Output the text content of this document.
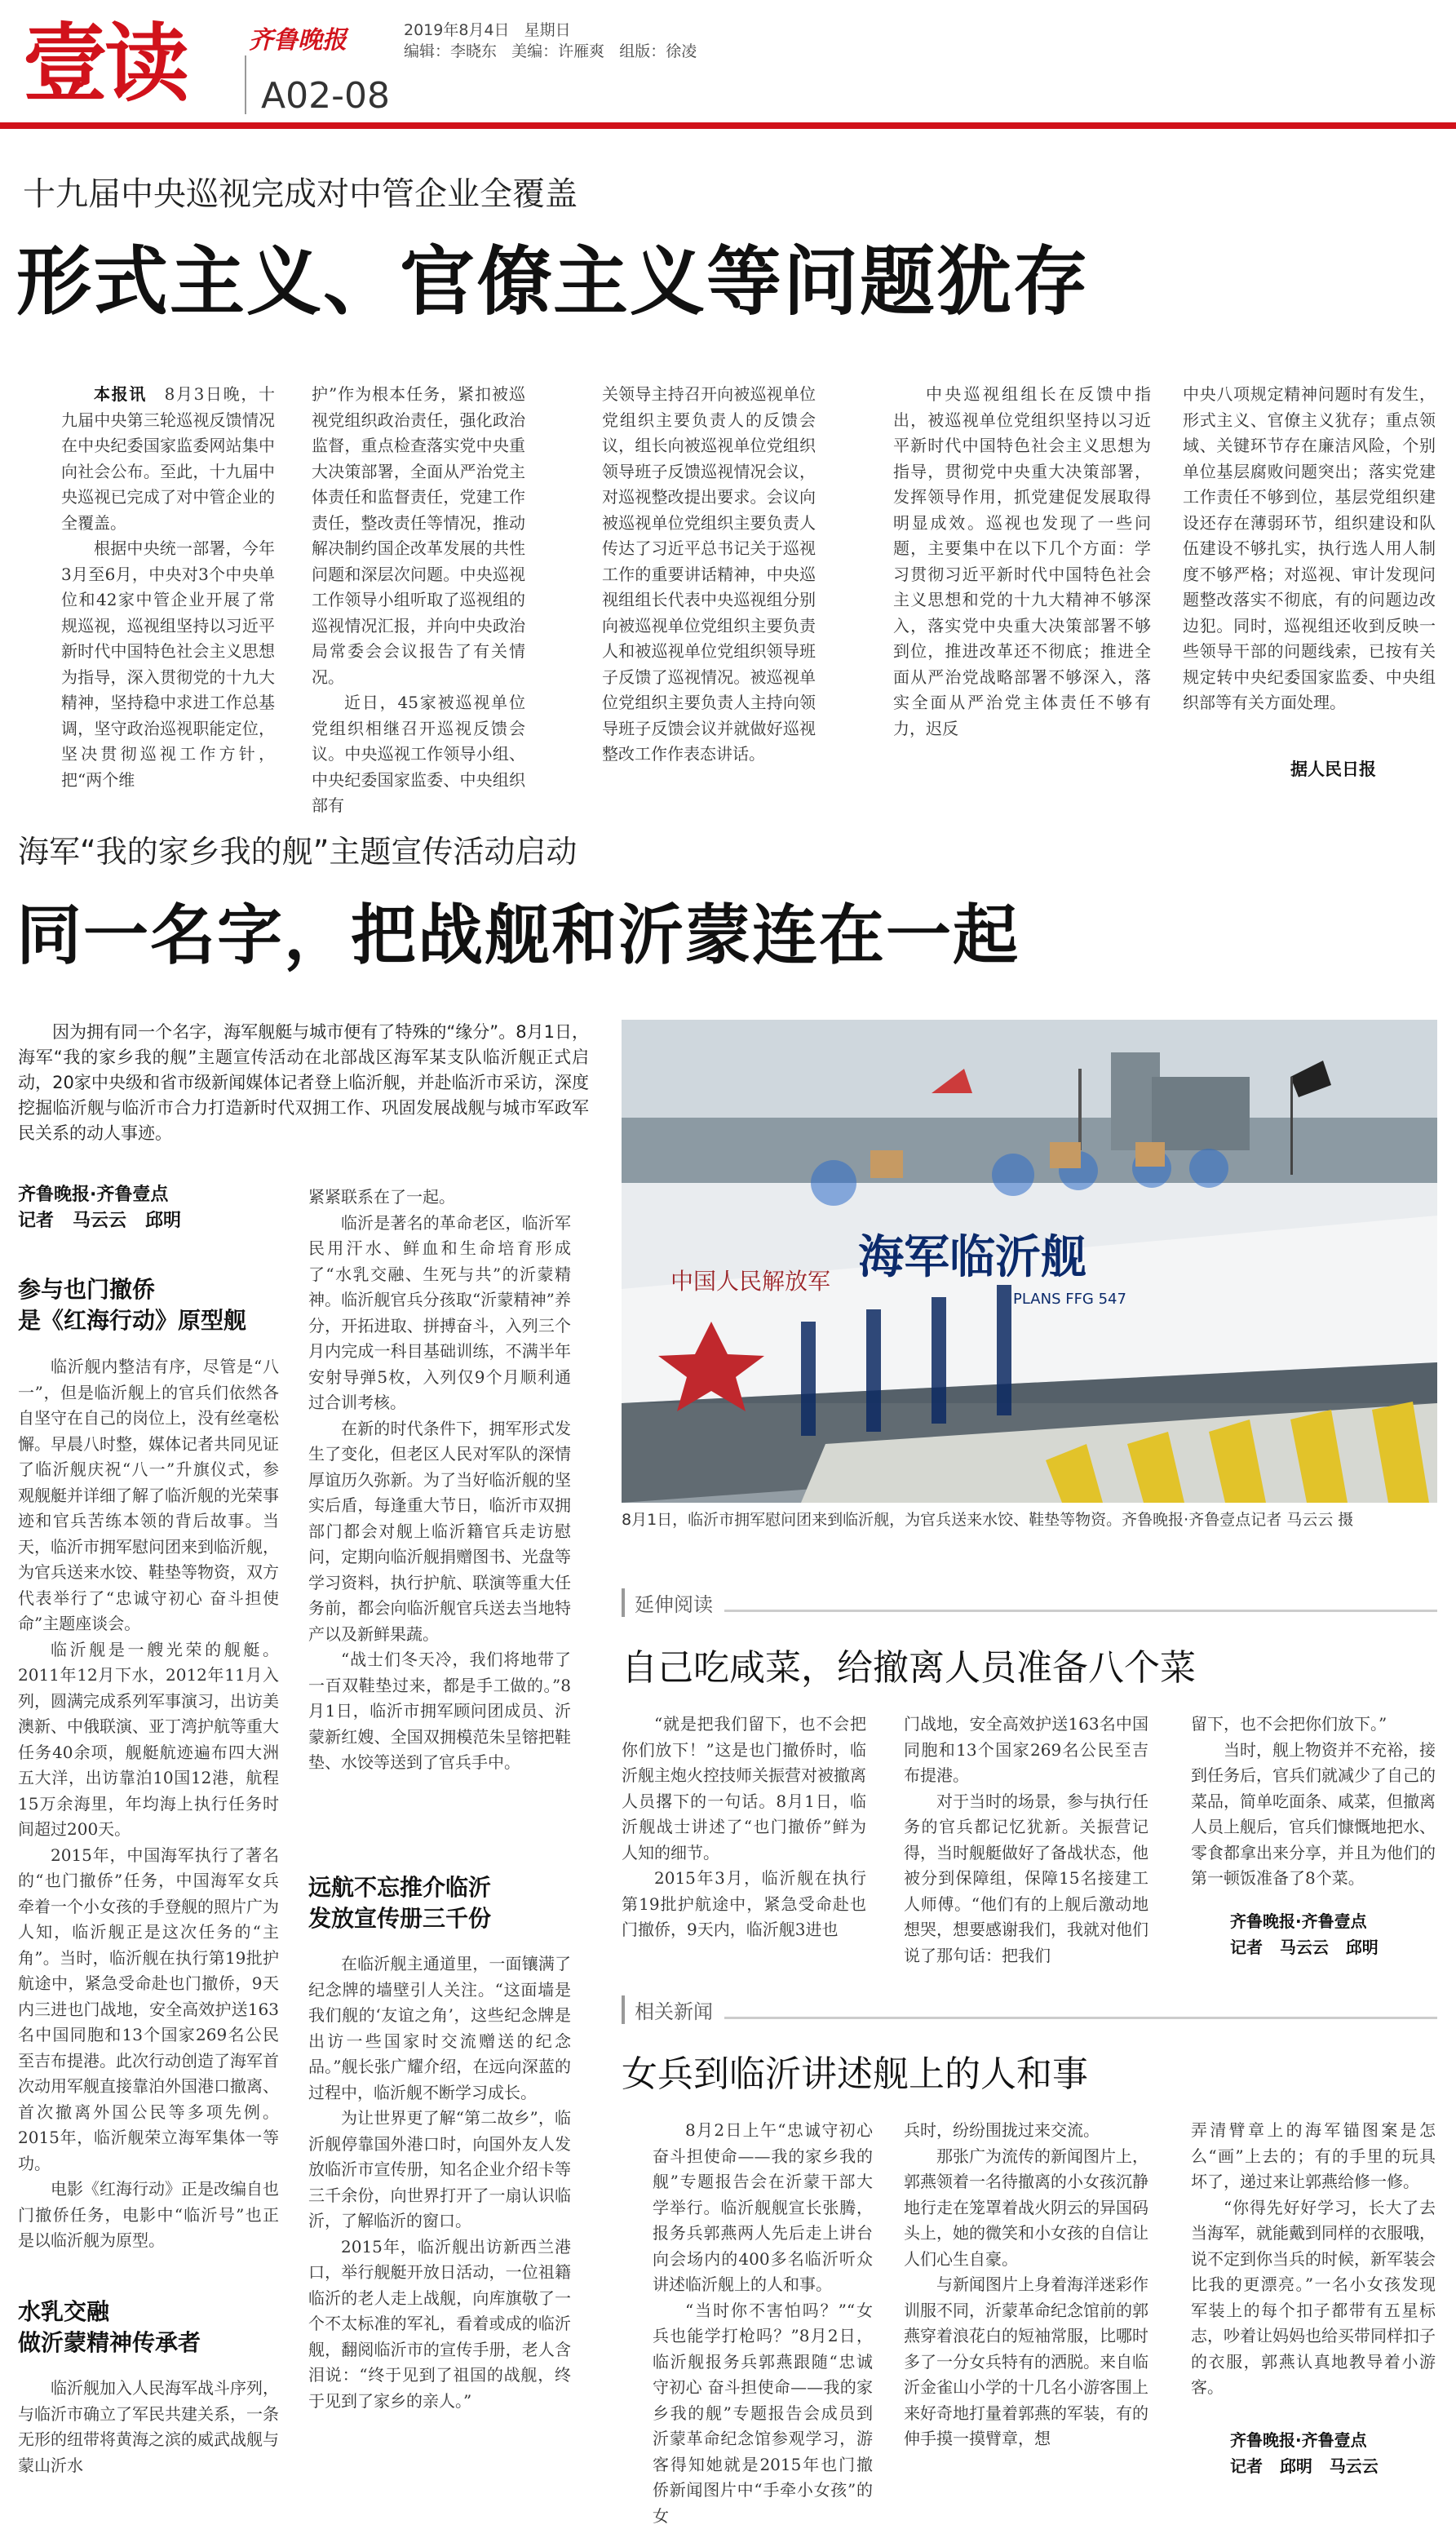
壹读	齐鲁晚报	2019年8月4日   星期日
编辑：李晓东   美编：许雁爽   组版：徐凌
A02-08
十九届中央巡视完成对中管企业全覆盖
形式主义、官僚主义等问题犹存

本报讯　 8月3日晚，十九届中央第三轮巡视反馈情况在中央纪委国家监委网站集中向社会公布。至此，十九届中央巡视已完成了对中管企业的全覆盖。

根据中央统一部署，今年3月至6月，中央对3个中央单位和42家中管企业开展了常规巡视，巡视组坚持以习近平新时代中国特色社会主义思想为指导，深入贯彻党的十九大精神，坚持稳中求进工作总基调，坚守政治巡视职能定位，坚决贯彻巡视工作方针，把“两个维

护”作为根本任务，紧扣被巡视党组织政治责任，强化政治监督，重点检查落实党中央重大决策部署，全面从严治党主体责任和监督责任，党建工作责任，整改责任等情况，推动解决制约国企改革发展的共性问题和深层次问题。中央巡视工作领导小组听取了巡视组的巡视情况汇报，并向中央政治局常委会会议报告了有关情况。

近日，45家被巡视单位党组织相继召开巡视反馈会议。中央巡视工作领导小组、中央纪委国家监委、中央组织部有

关领导主持召开向被巡视单位党组织主要负责人的反馈会议，组长向被巡视单位党组织领导班子反馈巡视情况会议，对巡视整改提出要求。会议向被巡视单位党组织主要负责人传达了习近平总书记关于巡视工作的重要讲话精神，中央巡视组组长代表中央巡视组分别向被巡视单位党组织主要负责人和被巡视单位党组织领导班子反馈了巡视情况。被巡视单位党组织主要负责人主持向领导班子反馈会议并就做好巡视整改工作作表态讲话。

中央巡视组组长在反馈中指出，被巡视单位党组织坚持以习近平新时代中国特色社会主义思想为指导，贯彻党中央重大决策部署，发挥领导作用，抓党建促发展取得明显成效。巡视也发现了一些问题，主要集中在以下几个方面：学习贯彻习近平新时代中国特色社会主义思想和党的十九大精神不够深入，落实党中央重大决策部署不够到位，推进改革还不彻底；推进全面从严治党战略部署不够深入，落实全面从严治党主体责任不够有力，迟反

中央八项规定精神问题时有发生，形式主义、官僚主义犹存；重点领域、关键环节存在廉洁风险，个别单位基层腐败问题突出；落实党建工作责任不够到位，基层党组织建设还存在薄弱环节，组织建设和队伍建设不够扎实，执行选人用人制度不够严格；对巡视、审计发现问题整改落实不彻底，有的问题边改边犯。同时，巡视组还收到反映一些领导干部的问题线索，已按有关规定转中央纪委国家监委、中央组织部等有关方面处理。

据人民日报
海军“我的家乡我的舰”主题宣传活动启动
同一名字，把战舰和沂蒙连在一起
因为拥有同一个名字，海军舰艇与城市便有了特殊的“缘分”。8月1日，海军“我的家乡我的舰”主题宣传活动在北部战区海军某支队临沂舰正式启动，20家中央级和省市级新闻媒体记者登上临沂舰，并赴临沂市采访，深度挖掘临沂舰与临沂市合力打造新时代双拥工作、巩固发展战舰与城市军政军民关系的动人事迹。
齐鲁晚报·齐鲁壹点
记者   马云云   邱明
参与也门撤侨
是《红海行动》原型舰

临沂舰内整洁有序，尽管是“八一”，但是临沂舰上的官兵们依然各自坚守在自己的岗位上，没有丝毫松懈。早晨八时整，媒体记者共同见证了临沂舰庆祝“八一”升旗仪式，参观舰艇并详细了解了临沂舰的光荣事迹和官兵苦练本领的背后故事。当天，临沂市拥军慰问团来到临沂舰，为官兵送来水饺、鞋垫等物资，双方代表举行了“忠诚守初心 奋斗担使命”主题座谈会。

临沂舰是一艘光荣的舰艇。2011年12月下水，2012年11月入列，圆满完成系列军事演习，出访美澳新、中俄联演、亚丁湾护航等重大任务40余项，舰艇航迹遍布四大洲五大洋，出访靠泊10国12港，航程15万余海里，年均海上执行任务时间超过200天。

2015年，中国海军执行了著名的“也门撤侨”任务，中国海军女兵牵着一个小女孩的手登舰的照片广为人知，临沂舰正是这次任务的“主角”。当时，临沂舰在执行第19批护航途中，紧急受命赴也门撤侨，9天内三进也门战地，安全高效护送163名中国同胞和13个国家269名公民至吉布提港。此次行动创造了海军首次动用军舰直接靠泊外国港口撤离、首次撤离外国公民等多项先例。2015年，临沂舰荣立海军集体一等功。

电影《红海行动》正是改编自也门撤侨任务，电影中“临沂号”也正是以临沂舰为原型。

水乳交融
做沂蒙精神传承者

临沂舰加入人民海军战斗序列，与临沂市确立了军民共建关系，一条无形的纽带将黄海之滨的威武战舰与蒙山沂水

紧紧联系在了一起。

临沂是著名的革命老区，临沂军民用汗水、鲜血和生命培育形成了“水乳交融、生死与共”的沂蒙精神。临沂舰官兵分孩取“沂蒙精神”养分，开拓进取、拼搏奋斗，入列三个月内完成一科目基础训练，不满半年安射导弹5枚，入列仅9个月顺利通过合训考核。

在新的时代条件下，拥军形式发生了变化，但老区人民对军队的深情厚谊历久弥新。为了当好临沂舰的坚实后盾，每逢重大节日，临沂市双拥部门都会对舰上临沂籍官兵走访慰问，定期向临沂舰捐赠图书、光盘等学习资料，执行护航、联演等重大任务前，都会向临沂舰官兵送去当地特产以及新鲜果蔬。

“战士们冬天冷，我们将地带了一百双鞋垫过来，都是手工做的。”8月1日，临沂市拥军顾问团成员、沂蒙新红嫂、全国双拥模范朱呈镕把鞋垫、水饺等送到了官兵手中。

远航不忘推介临沂
发放宣传册三千份

在临沂舰主通道里，一面镶满了纪念牌的墙壁引人关注。“这面墙是我们舰的‘友谊之角’，这些纪念牌是出访一些国家时交流赠送的纪念品。”舰长张广耀介绍，在远向深蓝的过程中，临沂舰不断学习成长。

为让世界更了解“第二故乡”，临沂舰停靠国外港口时，向国外友人发放临沂市宣传册，知名企业介绍卡等三千余份，向世界打开了一扇认识临沂，了解临沂的窗口。

2015年，临沂舰出访新西兰港口，举行舰艇开放日活动，一位祖籍临沂的老人走上战舰，向库旗敬了一个不太标准的军礼，看着或成的临沂舰，翻阅临沂市的宣传手册，老人含泪说：“终于见到了祖国的战舰，终于见到了家乡的亲人。”

中国人民解放军 海军临沂舰
PLANS FFG 547
8月1日，临沂市拥军慰问团来到临沂舰，为官兵送来水饺、鞋垫等物资。齐鲁晚报·齐鲁壹点记者 马云云 摄
延伸阅读
自己吃咸菜，给撤离人员准备八个菜

“就是把我们留下，也不会把你们放下！”这是也门撤侨时，临沂舰主炮火控技师关振营对被撤离人员撂下的一句话。8月1日，临沂舰战士讲述了“也门撤侨”鲜为人知的细节。

2015年3月，临沂舰在执行第19批护航途中，紧急受命赴也门撤侨，9天内，临沂舰3进也

门战地，安全高效护送163名中国同胞和13个国家269名公民至吉布提港。

对于当时的场景，参与执行任务的官兵都记忆犹新。关振营记得，当时舰艇做好了备战状态，他被分到保障组，保障15名接建工人师傅。“他们有的上舰后激动地想哭，想要感谢我们，我就对他们说了那句话：把我们

留下，也不会把你们放下。”

当时，舰上物资并不充裕，接到任务后，官兵们就减少了自己的菜品，简单吃面条、咸菜，但撤离人员上舰后，官兵们慷慨地把水、零食都拿出来分享，并且为他们的第一顿饭准备了8个菜。

齐鲁晚报·齐鲁壹点
记者   马云云   邱明
相关新闻
女兵到临沂讲述舰上的人和事

8月2日上午“忠诚守初心 奋斗担使命——我的家乡我的舰”专题报告会在沂蒙干部大学举行。临沂舰舰宣长张腾，报务兵郭燕两人先后走上讲台向会场内的400多名临沂听众讲述临沂舰上的人和事。

“当时你不害怕吗？”“女兵也能学打枪吗？”8月2日，临沂舰报务兵郭燕跟随“忠诚守初心 奋斗担使命——我的家乡我的舰”专题报告会成员到沂蒙革命纪念馆参观学习，游客得知她就是2015年也门撤侨新闻图片中“手牵小女孩”的女

兵时，纷纷围拢过来交流。

那张广为流传的新闻图片上，郭燕领着一名待撤离的小女孩沉静地行走在笼罩着战火阴云的异国码头上，她的微笑和小女孩的自信让人们心生自豪。

与新闻图片上身着海洋迷彩作训服不同，沂蒙革命纪念馆前的郭燕穿着浪花白的短袖常服，比哪时多了一分女兵特有的洒脱。来自临沂金雀山小学的十几名小游客围上来好奇地打量着郭燕的军装，有的伸手摸一摸臂章，想

弄清臂章上的海军锚图案是怎么“画”上去的；有的手里的玩具坏了，递过来让郭燕给修一修。

“你得先好好学习，长大了去当海军，就能戴到同样的衣服哦，说不定到你当兵的时候，新军装会比我的更漂亮。”一名小女孩发现军装上的每个扣子都带有五星标志，吵着让妈妈也给买带同样扣子的衣服，郭燕认真地教导着小游客。

齐鲁晚报·齐鲁壹点
记者   邱明   马云云
